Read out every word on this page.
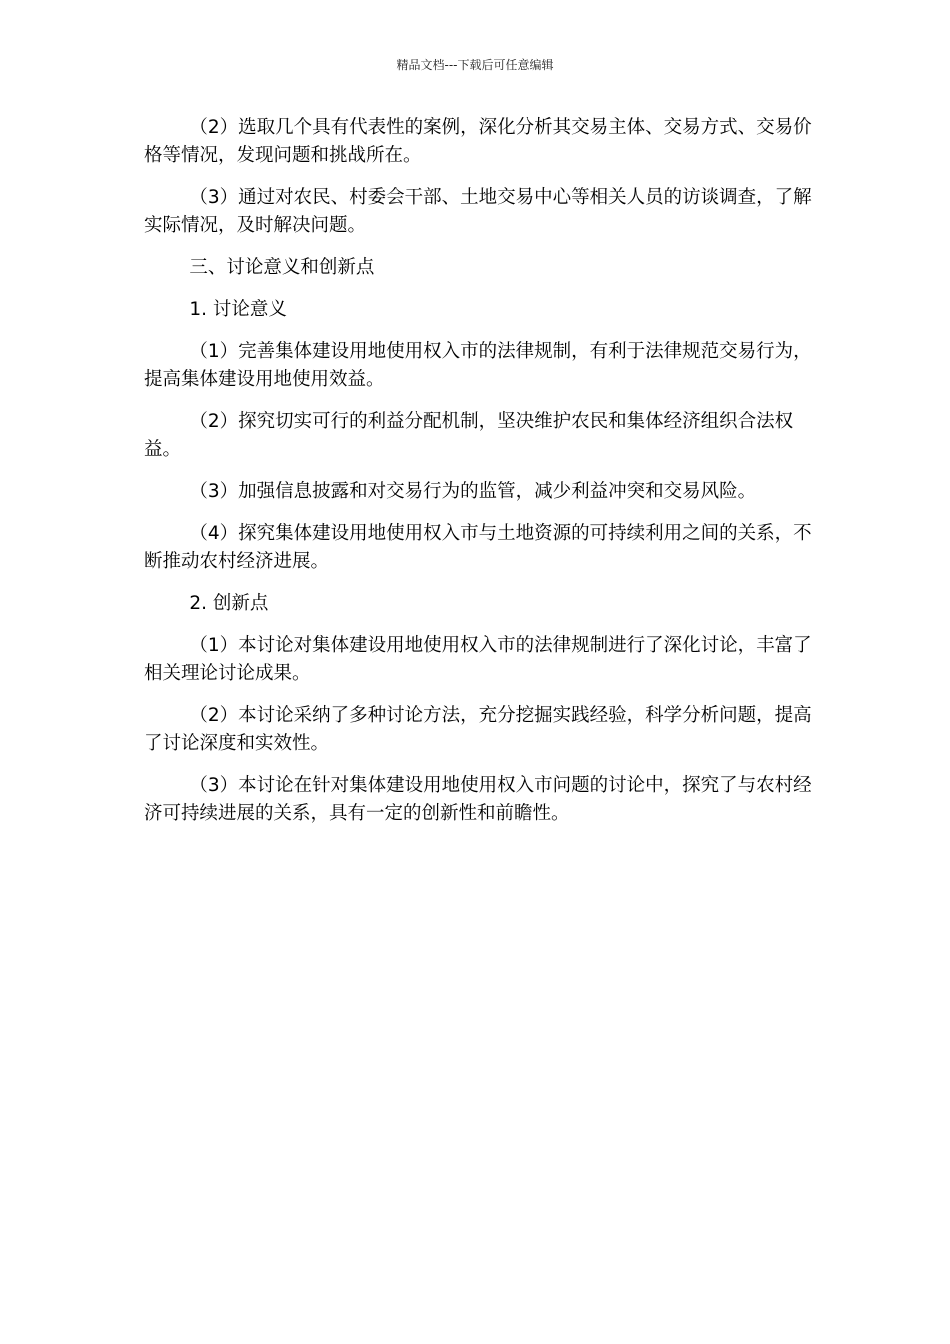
精品文档---下载后可任意编辑

（2）选取几个具有代表性的案例，深化分析其交易主体、交易方式、交易价格等情况，发现问题和挑战所在。

（3）通过对农民、村委会干部、土地交易中心等相关人员的访谈调查，了解实际情况，及时解决问题。

三、讨论意义和创新点

1. 讨论意义

（1）完善集体建设用地使用权入市的法律规制，有利于法律规范交易行为，提高集体建设用地使用效益。

（2）探究切实可行的利益分配机制，坚决维护农民和集体经济组织合法权益。

（3）加强信息披露和对交易行为的监管，减少利益冲突和交易风险。

（4）探究集体建设用地使用权入市与土地资源的可持续利用之间的关系，不断推动农村经济进展。

2. 创新点

（1）本讨论对集体建设用地使用权入市的法律规制进行了深化讨论，丰富了相关理论讨论成果。

（2）本讨论采纳了多种讨论方法，充分挖掘实践经验，科学分析问题，提高了讨论深度和实效性。

（3）本讨论在针对集体建设用地使用权入市问题的讨论中，探究了与农村经济可持续进展的关系，具有一定的创新性和前瞻性。
